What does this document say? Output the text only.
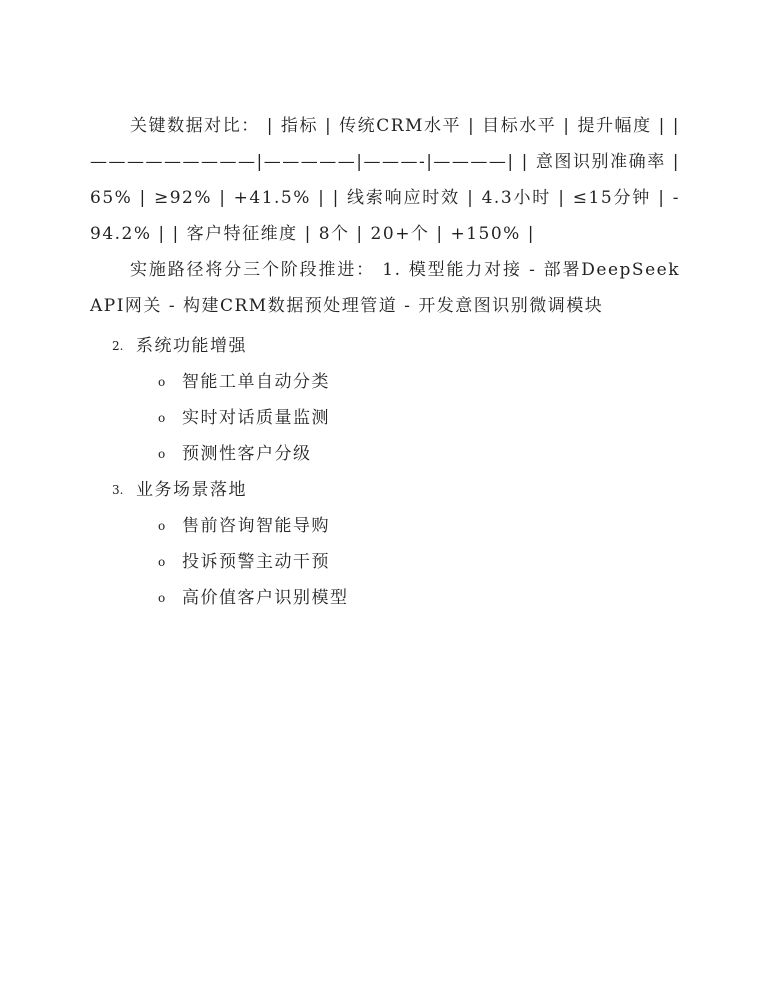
关键数据对比： | 指标 | 传统CRM水平 | 目标水平 | 提升幅度 | |—————————|—————|———-|————| | 意图识别准确率 | 65% | ≥92% | +41.5% | | 线索响应时效 | 4.3小时 | ≤15分钟 | -94.2% | | 客户特征维度 | 8个 | 20+个 | +150% |

实施路径将分三个阶段推进： 1. 模型能力对接 - 部署DeepSeek API网关 - 构建CRM数据预处理管道 - 开发意图识别微调模块

2. 系统功能增强
o 智能工单自动分类
o 实时对话质量监测
o 预测性客户分级
3. 业务场景落地
o 售前咨询智能导购
o 投诉预警主动干预
o 高价值客户识别模型
